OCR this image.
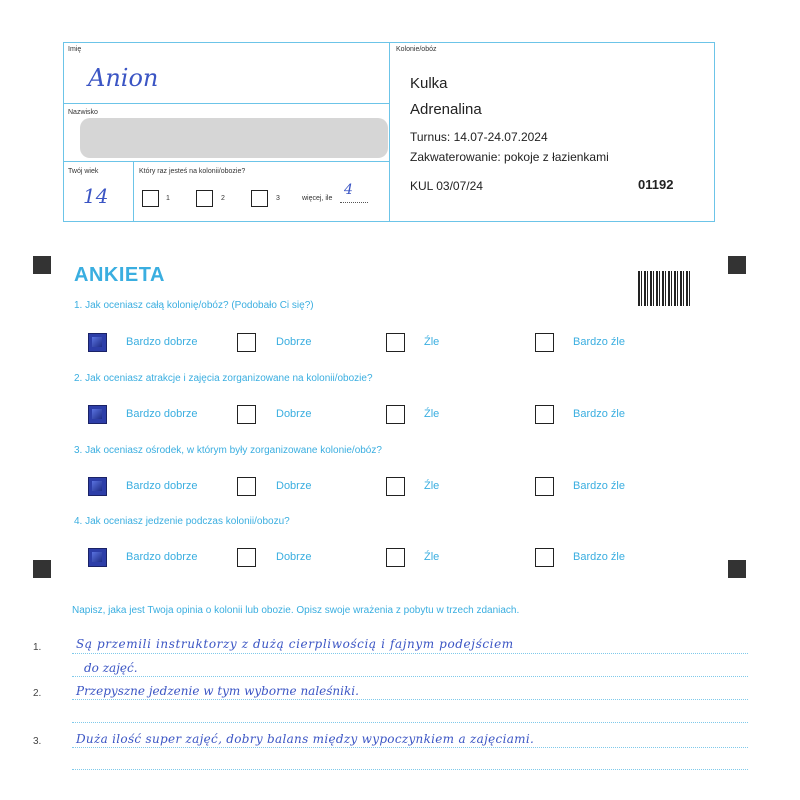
Imię
Anion
Nazwisko
Twój wiek
14
Który raz jesteś na kolonii/obozie?
1	2	3	więcej, ile
4
Kolonie/obóz
Kulka
Adrenalina
Turnus: 14.07-24.07.2024
Zakwaterowanie: pokoje z łazienkami
KUL 03/07/24	01192
ANKIETA
1. Jak oceniasz całą kolonię/obóz? (Podobało Ci się?)
Bardzo dobrze	Dobrze	Źle	Bardzo źle
2. Jak oceniasz atrakcje i zajęcia zorganizowane na kolonii/obozie?
Bardzo dobrze	Dobrze	Źle	Bardzo źle
3. Jak oceniasz ośrodek, w którym były zorganizowane kolonie/obóz?
Bardzo dobrze	Dobrze	Źle	Bardzo źle
4. Jak oceniasz jedzenie podczas kolonii/obozu?
Bardzo dobrze	Dobrze	Źle	Bardzo źle
Napisz, jaka jest Twoja opinia o kolonii lub obozie. Opisz swoje wrażenia z pobytu w trzech zdaniach.
1.
2.
3.
Są przemili instruktorzy z dużą cierpliwością i fajnym podejściem
do zajęć.
Przepyszne jedzenie w tym wyborne naleśniki.
Duża ilość super zajęć, dobry balans między wypoczynkiem a zajęciami.
